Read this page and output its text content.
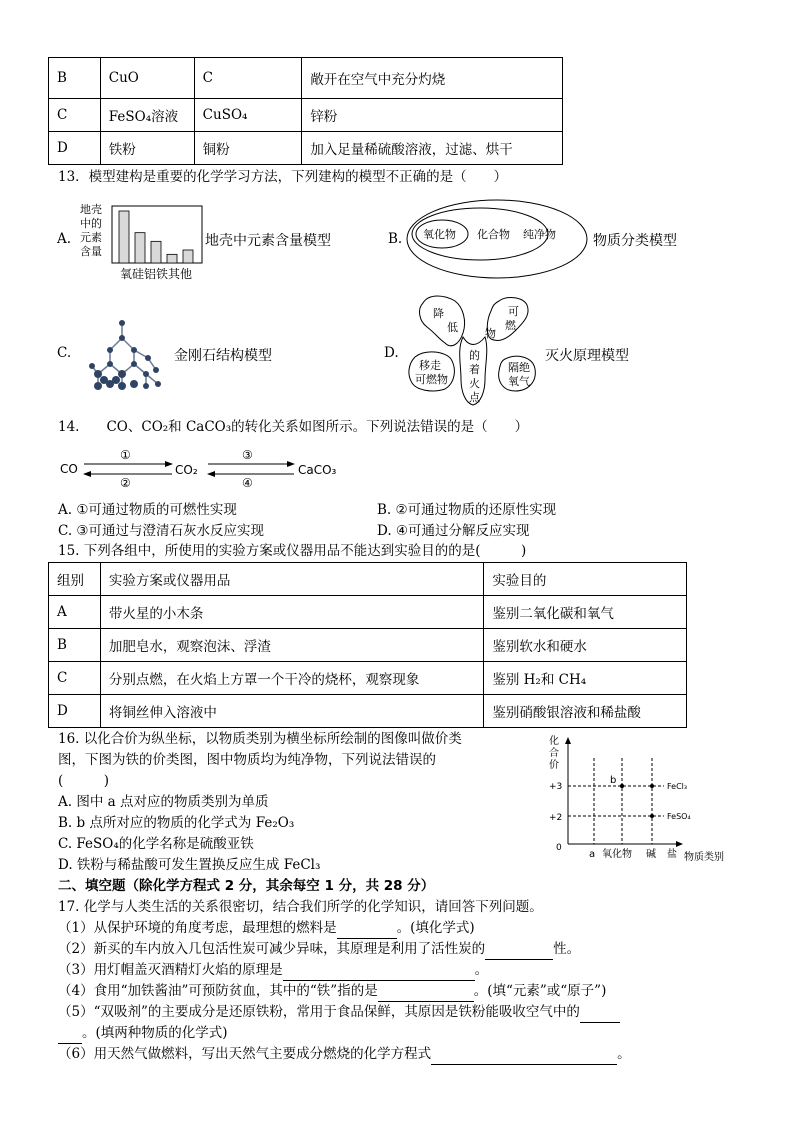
B	CuO	C	敞开在空气中充分灼烧
C	FeSO₄溶液	CuSO₄	锌粉
D	铁粉	铜粉	加入足量稀硫酸溶液，过滤、烘干
13．模型建构是重要的化学学习方法，下列建构的模型不正确的是（　　）
A.
地壳
中的
元素
含量
氧硅铝铁其他
地壳中元素含量模型	B. 氧化物 化合物 纯净物	物质分类模型
C.	金刚石结构模型	D.
降
低
可
燃
物
的
着
火
点
移走
可燃物
隔绝
氧气
灭火原理模型
14.　　CO、CO₂和 CaCO₃的转化关系如图所示。下列说法错误的是（　　）
CO	CO₂	CaCO₃
①
②
③
④
A. ①可通过物质的可燃性实现	B. ②可通过物质的还原性实现
C. ③可通过与澄清石灰水反应实现	D. ④可通过分解反应实现
15. 下列各组中，所使用的实验方案或仪器用品不能达到实验目的的是(　　　)
组别	实验方案或仪器用品	实验目的
A	带火星的小木条	鉴别二氧化碳和氧气
B	加肥皂水，观察泡沫、浮渣	鉴别软水和硬水
C	分别点燃，在火焰上方罩一个干冷的烧杯，观察现象	鉴别 H₂和 CH₄
D	将铜丝伸入溶液中	鉴别硝酸银溶液和稀盐酸
16. 以化合价为纵坐标，以物质类别为横坐标所绘制的图像叫做价类
图，下图为铁的价类图，图中物质均为纯净物，下列说法错误的
(　　　)
A. 图中 a 点对应的物质类别为单质
B. b 点所对应的物质的化学式为 Fe₂O₃
C. FeSO₄的化学名称是硫酸亚铁
D. 铁粉与稀盐酸可发生置换反应生成 FeCl₃
化
合
价
+3
+2
0
b
FeCl₃
FeSO₄
a 氧化物 碱 盐 物质类别
二、填空题（除化学方程式 2 分，其余每空 1 分，共 28 分）
17. 化学与人类生活的关系很密切，结合我们所学的化学知识，请回答下列问题。
（1）从保护环境的角度考虑，最理想的燃料是	。(填化学式)
（2）新买的车内放入几包活性炭可减少异味，其原理是利用了活性炭的	性。
（3）用灯帽盖灭酒精灯火焰的原理是	。
（4）食用“加铁酱油”可预防贫血，其中的“铁”指的是	。(填“元素”或“原子”)
（5）“双吸剂”的主要成分是还原铁粉，常用于食品保鲜，其原因是铁粉能吸收空气中的
。(填两种物质的化学式)
（6）用天然气做燃料，写出天然气主要成分燃烧的化学方程式	。
